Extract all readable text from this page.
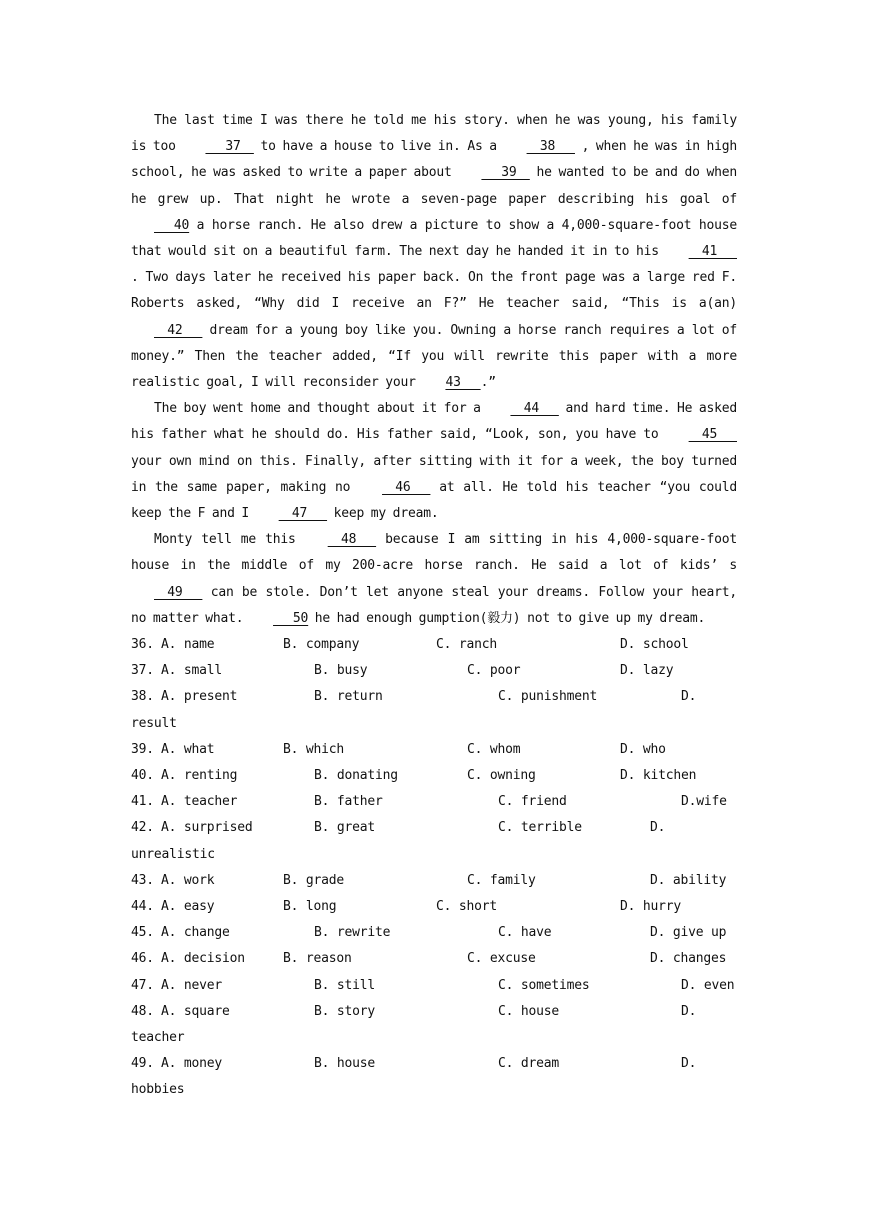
The last time I was there he told me his story. when he was young, his family is too    37   to have a house to live in. As a   38    , when he was in high school, he was asked to write a paper about    39   he wanted to be and do when he grew up. That night he wrote a seven-page paper describing his goal of    40 a horse ranch. He also drew a picture to show a 4,000-square-foot house that would sit on a beautiful farm. The next day he handed it in to his   41   . Two days later he received his paper back. On the front page was a large red F. Roberts asked, “Why did I receive an F?” He teacher said, “This is a(an)   42    dream for a young boy like you. Owning a horse ranch requires a lot of money.” Then the teacher added, “If you will rewrite this paper with a more realistic goal, I will reconsider your 43   .”

The boy went home and thought about it for a   44    and hard time. He asked his father what he should do. His father said, “Look, son, you have to   45    your own mind on this. Finally, after sitting with it for a week, the boy turned in the same paper, making no   46    at all. He told his teacher “you could keep the F and I   47    keep my dream.

Monty tell me this   48    because I am sitting in his 4,000-square-foot house in the middle of my 200-acre horse ranch. He said a lot of kids’ s   49    can be stole. Don’t let anyone steal your dreams. Follow your heart, no matter what.    50 he had enough gumption(毅力) not to give up my dream.

36. A. name	B. company	C. ranch	D. school
37. A. small	B. busy	C. poor	D. lazy
38. A. present	B. return	C. punishment	D.
result
39. A. what	B. which	C. whom	D. who
40. A. renting	B. donating	C. owning	D. kitchen
41. A. teacher	B. father	C. friend	D.wife
42. A. surprised	B. great	C. terrible	D.
unrealistic
43. A. work	B. grade	C. family	D. ability
44. A. easy	B. long	C. short	D. hurry
45. A. change	B. rewrite	C. have	D. give up
46. A. decision	B. reason	C. excuse	D. changes
47. A. never	B. still	C. sometimes	D. even
48. A. square	B. story	C. house	D.
teacher
49. A. money	B. house	C. dream	D.
hobbies
